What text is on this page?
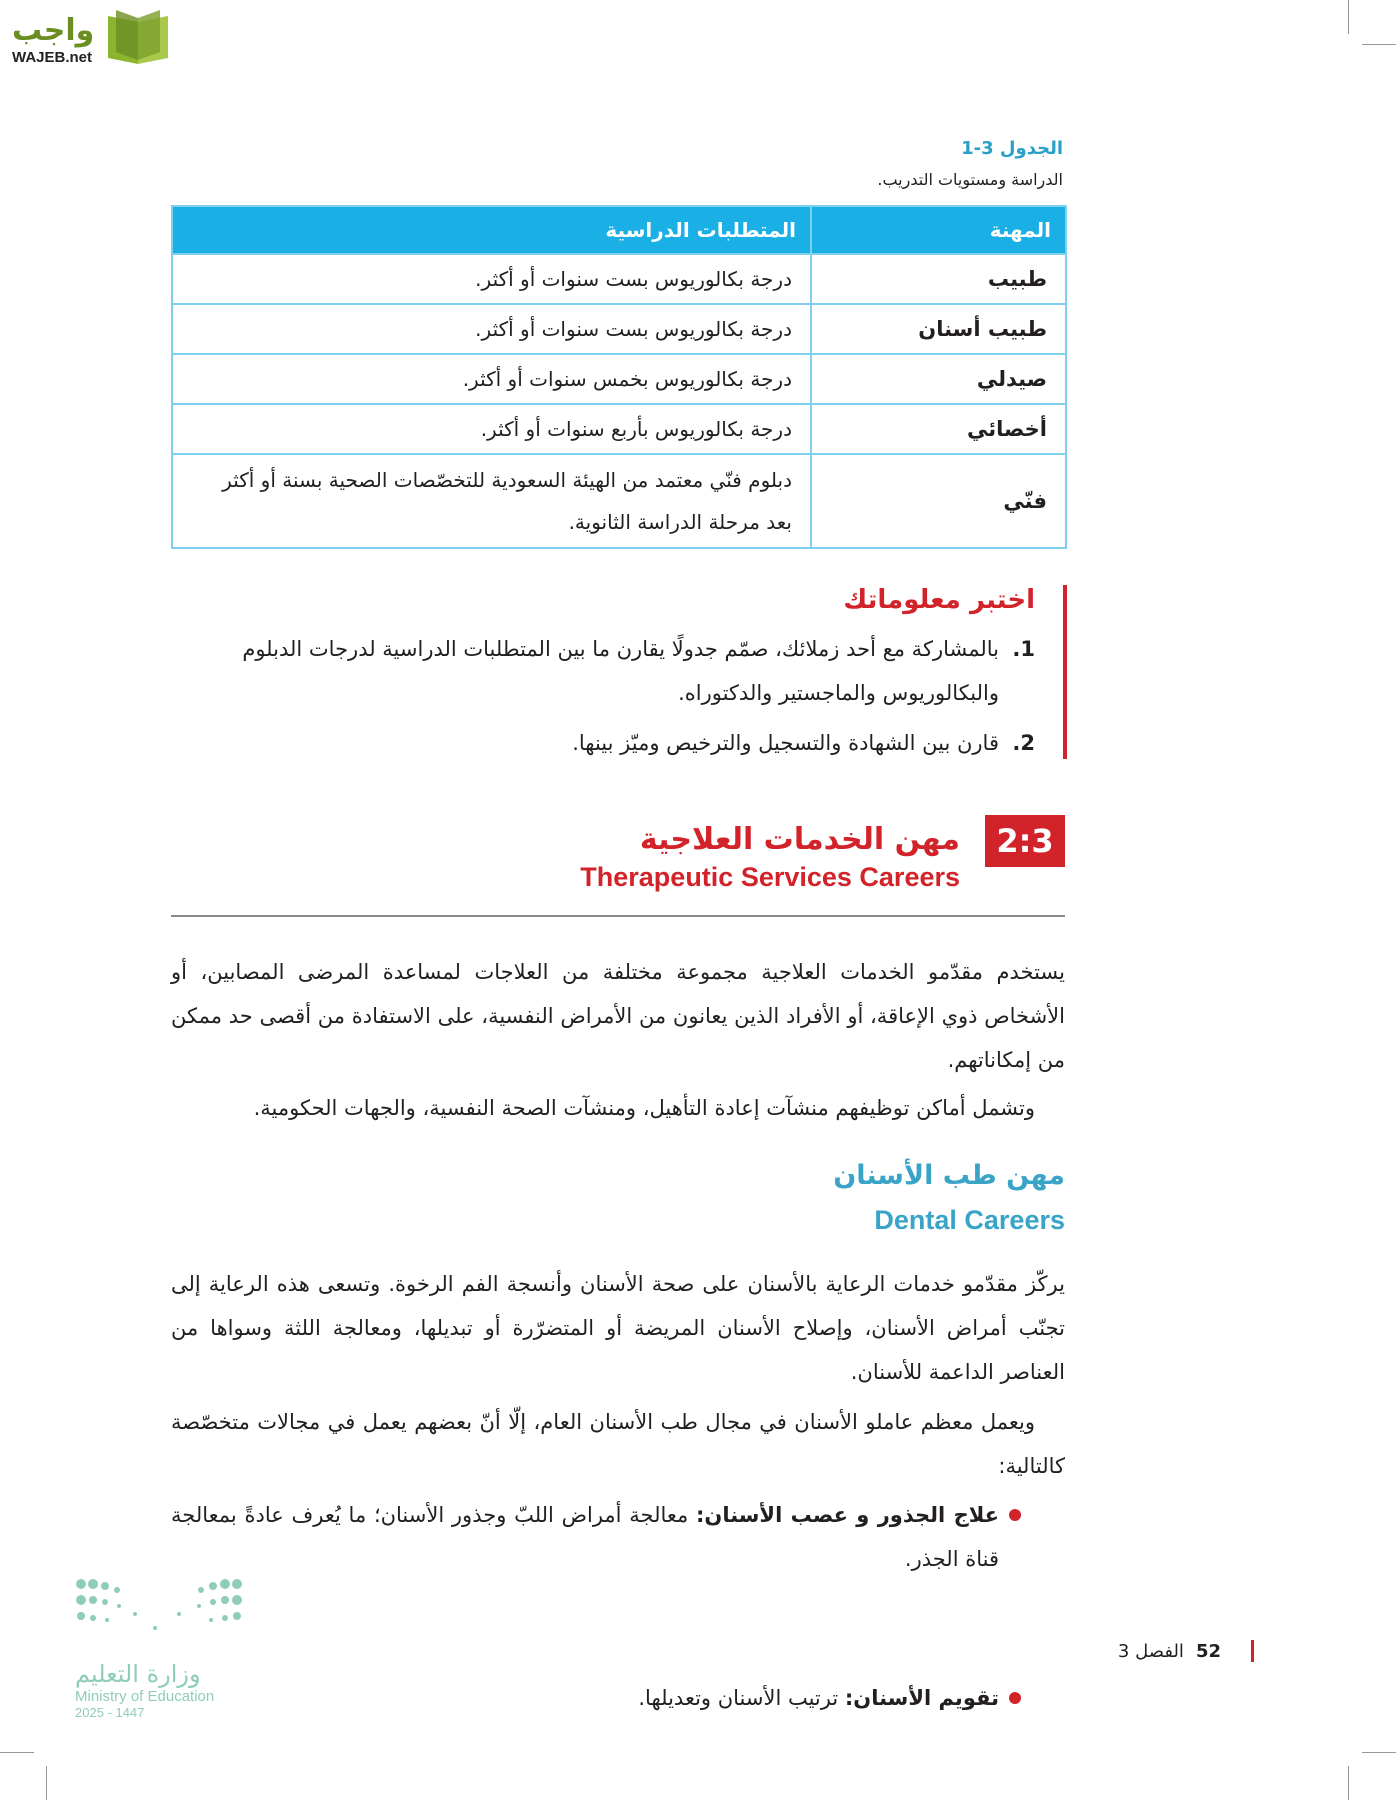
واجب
WAJEB.net
الجدول 3-1
الدراسة ومستويات التدريب.
المهنة	المتطلبات الدراسية
طبيب	درجة بكالوريوس بست سنوات أو أكثر.
طبيب أسنان	درجة بكالوريوس بست سنوات أو أكثر.
صيدلي	درجة بكالوريوس بخمس سنوات أو أكثر.
أخصائي	درجة بكالوريوس بأربع سنوات أو أكثر.
فنّي	دبلوم فنّي معتمد من الهيئة السعودية للتخصّصات الصحية بسنة أو أكثر بعد مرحلة الدراسة الثانوية.
اختبر معلوماتك
1.
بالمشاركة مع أحد زملائك، صمّم جدولًا يقارن ما بين المتطلبات الدراسية لدرجات الدبلوم والبكالوريوس والماجستير والدكتوراه.
2.
قارن بين الشهادة والتسجيل والترخيص وميّز بينها.
2:3
مهن الخدمات العلاجية
Therapeutic Services Careers
يستخدم مقدّمو الخدمات العلاجية مجموعة مختلفة من العلاجات لمساعدة المرضى المصابين، أو الأشخاص ذوي الإعاقة، أو الأفراد الذين يعانون من الأمراض النفسية، على الاستفادة من أقصى حد ممكن من إمكاناتهم.
وتشمل أماكن توظيفهم منشآت إعادة التأهيل، ومنشآت الصحة النفسية، والجهات الحكومية.
مهن طب الأسنان
Dental Careers
يركّز مقدّمو خدمات الرعاية بالأسنان على صحة الأسنان وأنسجة الفم الرخوة. وتسعى هذه الرعاية إلى تجنّب أمراض الأسنان، وإصلاح الأسنان المريضة أو المتضرّرة أو تبديلها، ومعالجة اللثة وسواها من العناصر الداعمة للأسنان.
ويعمل معظم عاملو الأسنان في مجال طب الأسنان العام، إلّا أنّ بعضهم يعمل في مجالات متخصّصة كالتالية:
علاج الجذور و عصب الأسنان: معالجة أمراض اللبّ وجذور الأسنان؛ ما يُعرف عادةً بمعالجة قناة الجذر.
تقويم الأسنان: ترتيب الأسنان وتعديلها.
وزارة التعليم
Ministry of Education
2025 - 1447
52
الفصل 3
